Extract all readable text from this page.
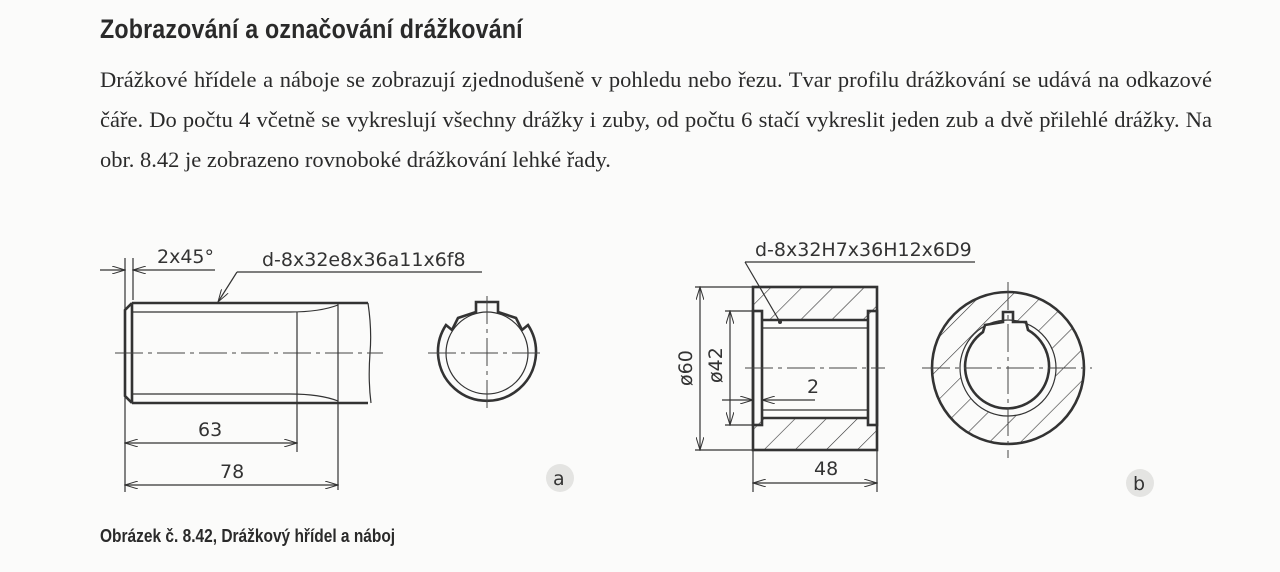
Zobrazování a označování drážkování
Drážkové hřídele a náboje se zobrazují zjednodušeně v pohledu nebo řezu. Tvar profilu drážkování se udává na odkazové čáře. Do počtu 4 včetně se vykreslují všechny drážky i zuby, od počtu 6 stačí vykreslit jeden zub a dvě přilehlé drážky. Na obr. 8.42 je zobrazeno rovnoboké drážkování lehké řady.
2x45°	d-8x32e8x36a11x6f8
63
78	a
ø60 ø42
2
48
d-8x32H7x36H12x6D9
b
Obrázek č. 8.42, Drážkový hřídel a náboj
